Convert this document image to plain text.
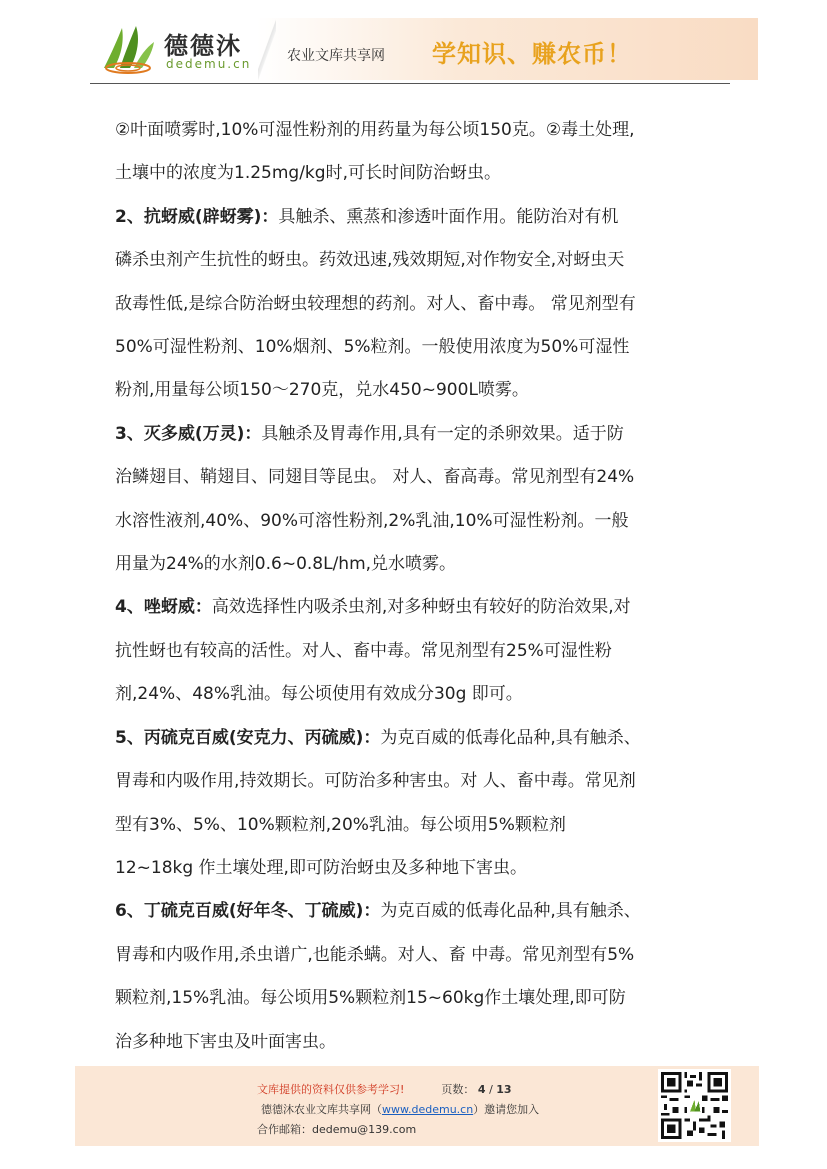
德德沐
dedemu.cn	农业文库共享网 学知识、赚农币！
②叶面喷雾时,10%可湿性粉剂的用药量为每公顷150克。②毒土处理,
土壤中的浓度为1.25mg/kg时,可长时间防治蚜虫。
2、抗蚜威(辟蚜雾)：具触杀、熏蒸和渗透叶面作用。能防治对有机
磷杀虫剂产生抗性的蚜虫。药效迅速,残效期短,对作物安全,对蚜虫天
敌毒性低,是综合防治蚜虫较理想的药剂。对人、畜中毒。 常见剂型有
50%可湿性粉剂、10%烟剂、5%粒剂。一般使用浓度为50%可湿性
粉剂,用量每公顷150～270克，兑水450~900L喷雾。
3、灭多威(万灵)：具触杀及胃毒作用,具有一定的杀卵效果。适于防
治鳞翅目、鞘翅目、同翅目等昆虫。 对人、畜高毒。常见剂型有24%
水溶性液剂,40%、90%可溶性粉剂,2%乳油,10%可湿性粉剂。一般
用量为24%的水剂0.6~0.8L/hm,兑水喷雾。
4、唑蚜威：高效选择性内吸杀虫剂,对多种蚜虫有较好的防治效果,对
抗性蚜也有较高的活性。对人、畜中毒。常见剂型有25%可湿性粉
剂,24%、48%乳油。每公顷使用有效成分30g 即可。
5、丙硫克百威(安克力、丙硫威)：为克百威的低毒化品种,具有触杀、
胃毒和内吸作用,持效期长。可防治多种害虫。对 人、畜中毒。常见剂
型有3%、5%、10%颗粒剂,20%乳油。每公顷用5%颗粒剂
12~18kg 作土壤处理,即可防治蚜虫及多种地下害虫。
6、丁硫克百威(好年冬、丁硫威)：为克百威的低毒化品种,具有触杀、
胃毒和内吸作用,杀虫谱广,也能杀螨。对人、畜 中毒。常见剂型有5%
颗粒剂,15%乳油。每公顷用5%颗粒剂15~60kg作土壤处理,即可防
治多种地下害虫及叶面害虫。
文库提供的资料仅供参考学习!	页数： 4 / 13
德德沐农业文库共享网（www.dedemu.cn）邀请您加入
合作邮箱：dedemu@139.com
